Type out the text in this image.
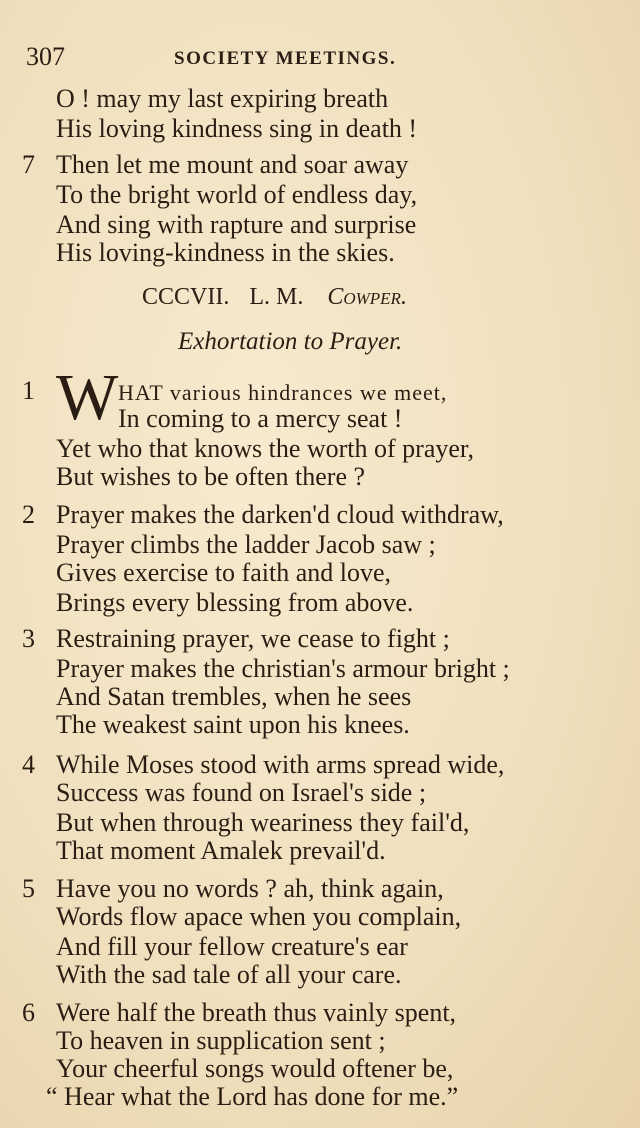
307	SOCIETY MEETINGS.
O ! may my last expiring breath
His loving kindness sing in death !
7 Then let me mount and soar away
To the bright world of endless day,
And sing with rapture and surprise
His loving-kindness in the skies.
CCCVII. L. M. Cowper.
Exhortation to Prayer.
1 W HAT various hindrances we meet,
In coming to a mercy seat !
Yet who that knows the worth of prayer,
But wishes to be often there ?
2 Prayer makes the darken'd cloud withdraw,
Prayer climbs the ladder Jacob saw ;
Gives exercise to faith and love,
Brings every blessing from above.
3 Restraining prayer, we cease to fight ;
Prayer makes the christian's armour bright ;
And Satan trembles, when he sees
The weakest saint upon his knees.
4 While Moses stood with arms spread wide,
Success was found on Israel's side ;
But when through weariness they fail'd,
That moment Amalek prevail'd.
5 Have you no words ? ah, think again,
Words flow apace when you complain,
And fill your fellow creature's ear
With the sad tale of all your care.
6 Were half the breath thus vainly spent,
To heaven in supplication sent ;
Your cheerful songs would oftener be,
“ Hear what the Lord has done for me.”
